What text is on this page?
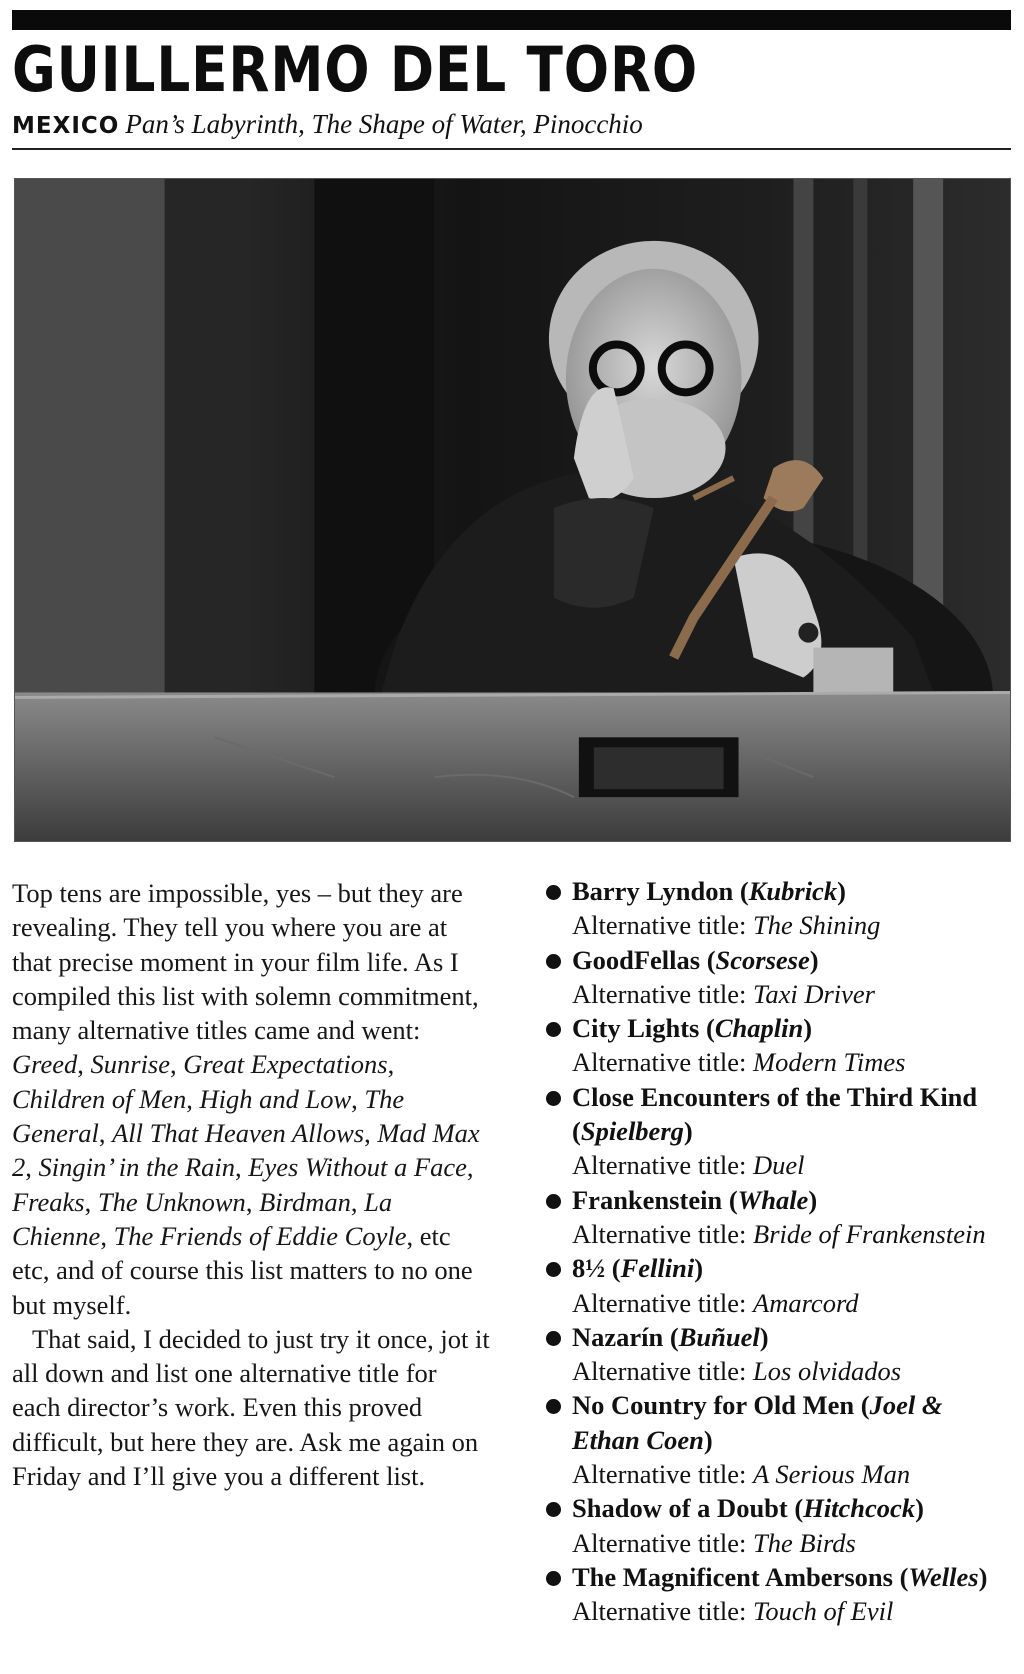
GUILLERMO DEL TORO
MEXICO Pan’s Labyrinth, The Shape of Water, Pinocchio

Top tens are impossible, yes – but they are revealing. They tell you where you are at that precise moment in your film life. As I compiled this list with solemn commitment, many alternative titles came and went: Greed, Sunrise, Great Expectations, Children of Men, High and Low, The General, All That Heaven Allows, Mad Max 2, Singin’ in the Rain, Eyes Without a Face, Freaks, The Unknown, Birdman, La Chienne, The Friends of Eddie Coyle, etc etc, and of course this list matters to no one but myself.

That said, I decided to just try it once, jot it all down and list one alternative title for each director’s work. Even this proved difficult, but here they are. Ask me again on Friday and I’ll give you a different list.

Barry Lyndon (Kubrick)
Alternative title: The Shining
GoodFellas (Scorsese)
Alternative title: Taxi Driver
City Lights (Chaplin)
Alternative title: Modern Times
Close Encounters of the Third Kind (Spielberg)
Alternative title: Duel
Frankenstein (Whale)
Alternative title: Bride of Frankenstein
8½ (Fellini)
Alternative title: Amarcord
Nazarín (Buñuel)
Alternative title: Los olvidados
No Country for Old Men (Joel & Ethan Coen)
Alternative title: A Serious Man
Shadow of a Doubt (Hitchcock)
Alternative title: The Birds
The Magnificent Ambersons (Welles)
Alternative title: Touch of Evil
